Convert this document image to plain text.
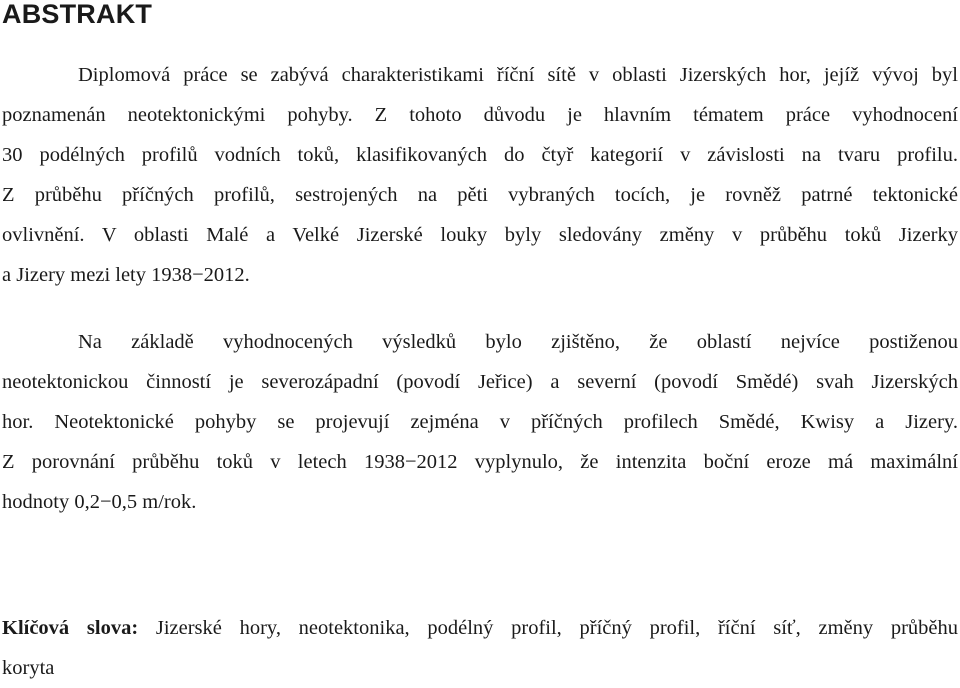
ABSTRAKT
Diplomová práce se zabývá charakteristikami říční sítě v oblasti Jizerských hor, jejíž vývoj byl
poznamenán neotektonickými pohyby. Z tohoto důvodu je hlavním tématem práce vyhodnocení
30 podélných profilů vodních toků, klasifikovaných do čtyř kategorií v závislosti na tvaru profilu.
Z průběhu příčných profilů, sestrojených na pěti vybraných tocích, je rovněž patrné tektonické
ovlivnění. V oblasti Malé a Velké Jizerské louky byly sledovány změny v průběhu toků Jizerky
a Jizery mezi lety 1938−2012.
Na základě vyhodnocených výsledků bylo zjištěno, že oblastí nejvíce postiženou
neotektonickou činností je severozápadní (povodí Jeřice) a severní (povodí Smědé) svah Jizerských
hor. Neotektonické pohyby se projevují zejména v příčných profilech Smědé, Kwisy a Jizery.
Z porovnání průběhu toků v letech 1938−2012 vyplynulo, že intenzita boční eroze má maximální
hodnoty 0,2−0,5 m/rok.
Klíčová slova: Jizerské hory, neotektonika, podélný profil, příčný profil, říční síť, změny průběhu
koryta
